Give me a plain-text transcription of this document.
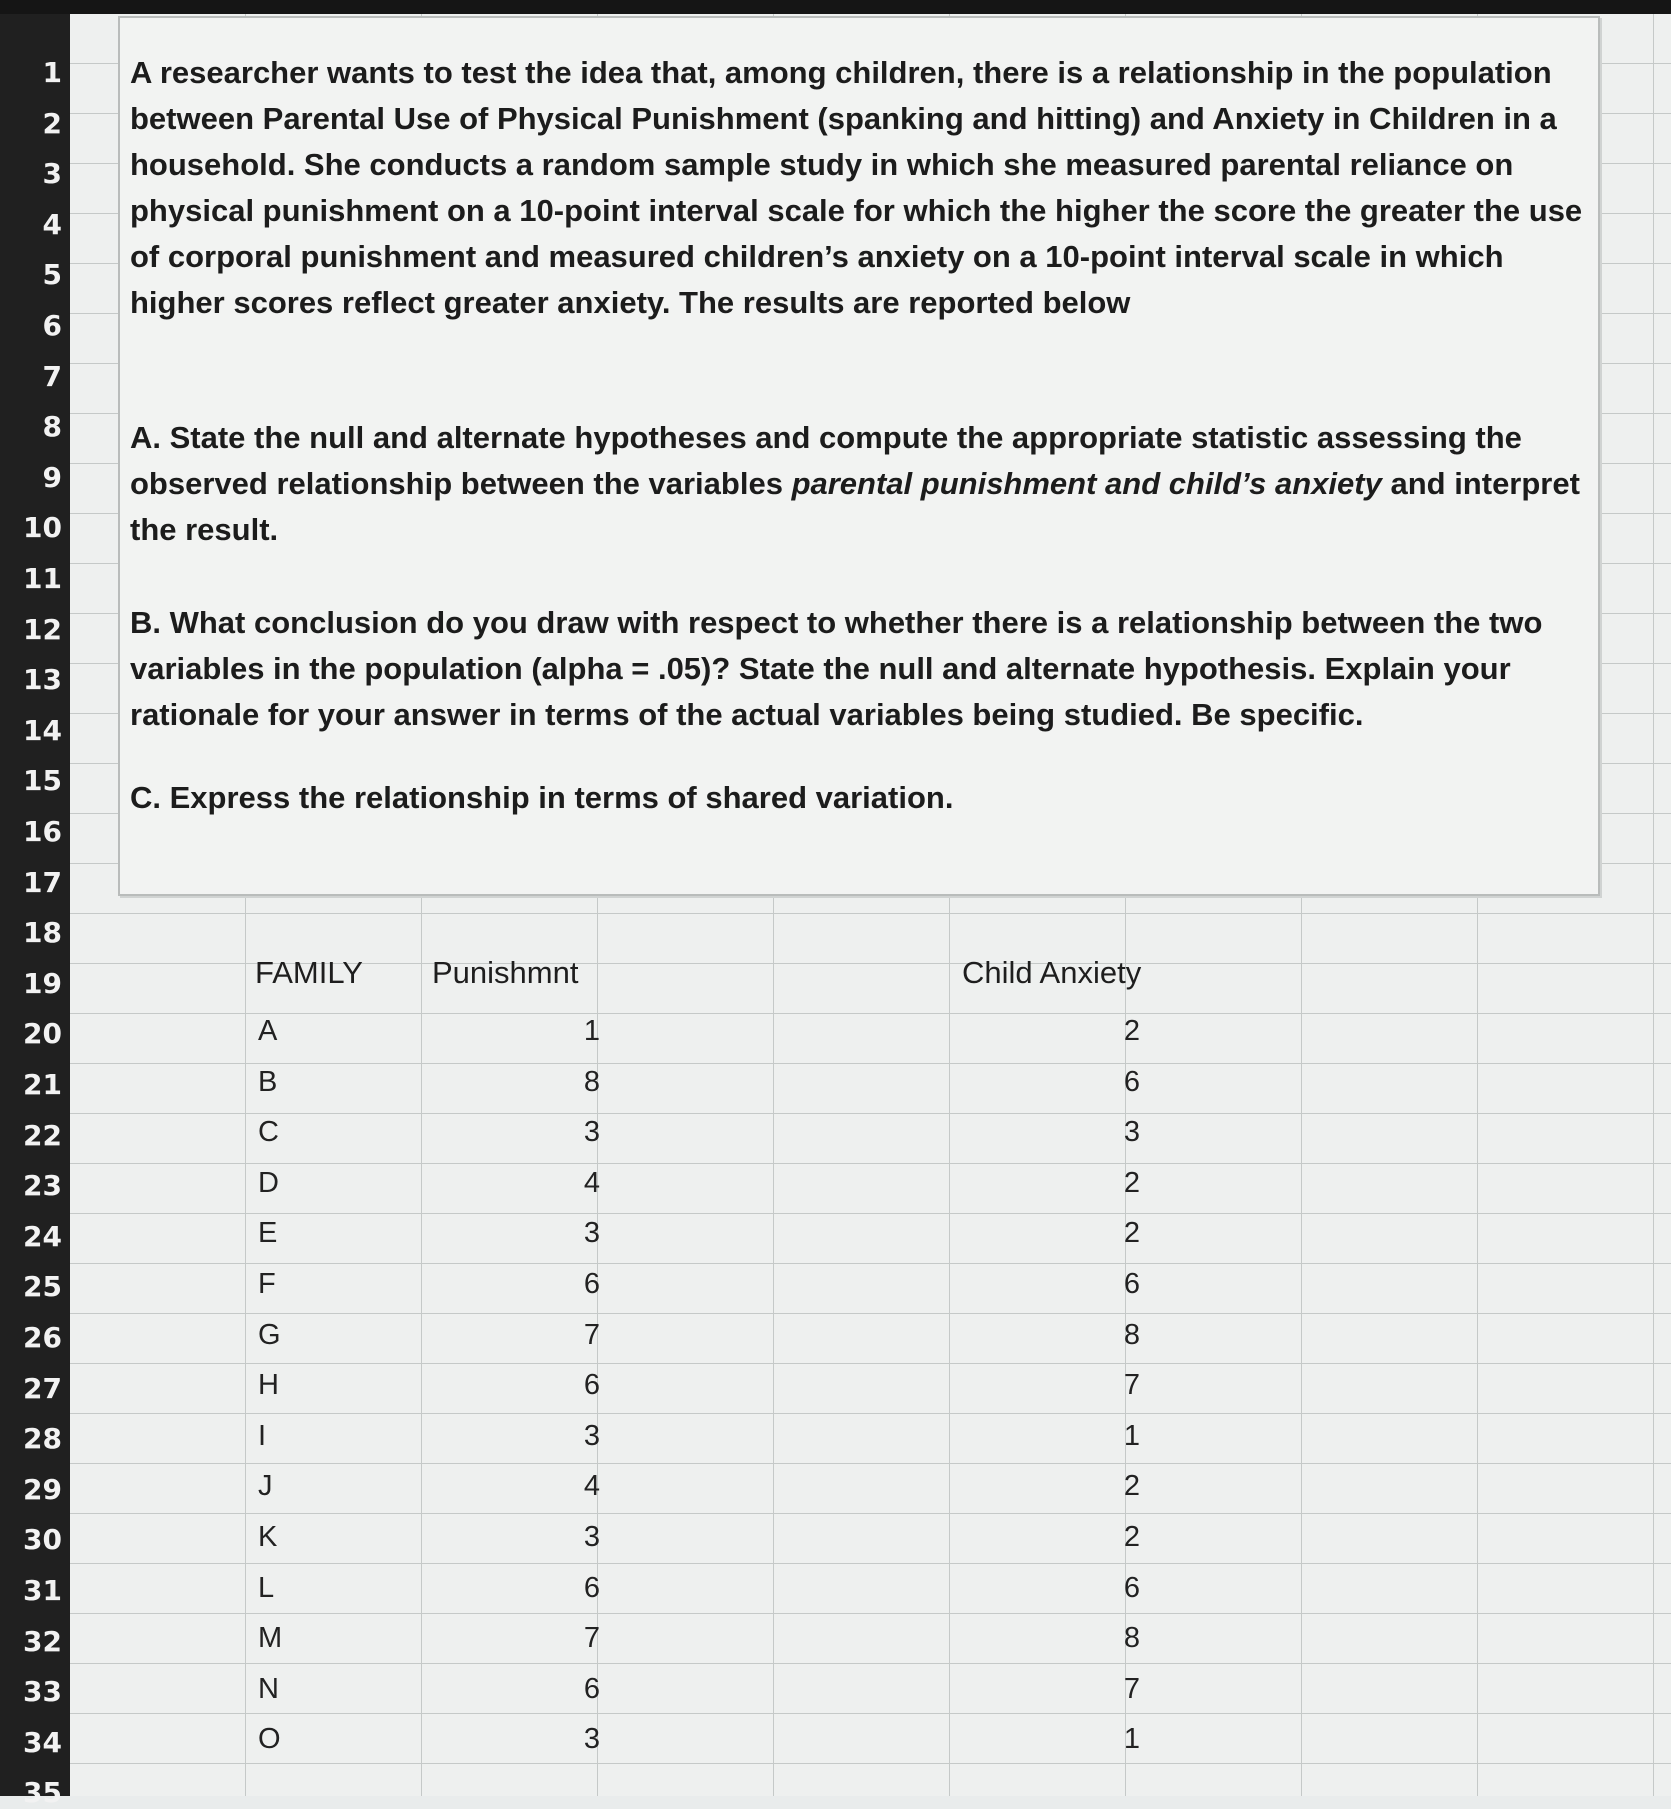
1
2
3
4
5
6
7
8
9
10
11
12
13
14
15
16
17
18
19
20
21
22
23
24
25
26
27
28
29
30
31
32
33
34
35

A researcher wants to test the idea that, among children, there is a relationship in the population between Parental Use of Physical Punishment (spanking and hitting) and Anxiety in Children in a household. She conducts a random sample study in which she measured parental reliance on physical punishment on a 10-point interval scale for which the higher the score the greater the use of corporal punishment and measured children’s anxiety on a 10-point interval scale in which higher scores reflect greater anxiety. The results are reported below

A. State the null and alternate hypotheses and compute the appropriate statistic assessing the observed relationship between the variables parental punishment and child’s anxiety and interpret the result.

B. What conclusion do you draw with respect to whether there is a relationship between the two variables in the population (alpha = .05)? State the null and alternate hypothesis. Explain your rationale for your answer in terms of the actual variables being studied. Be specific.

C. Express the relationship in terms of shared variation.

FAMILY Punishmnt	Child Anxiety
A	1	2
B	8	6
C	3	3
D	4	2
E	3	2
F	6	6
G	7	8
H	6	7
I	3	1
J	4	2
K	3	2
L	6	6
M	7	8
N	6	7
O	3	1
